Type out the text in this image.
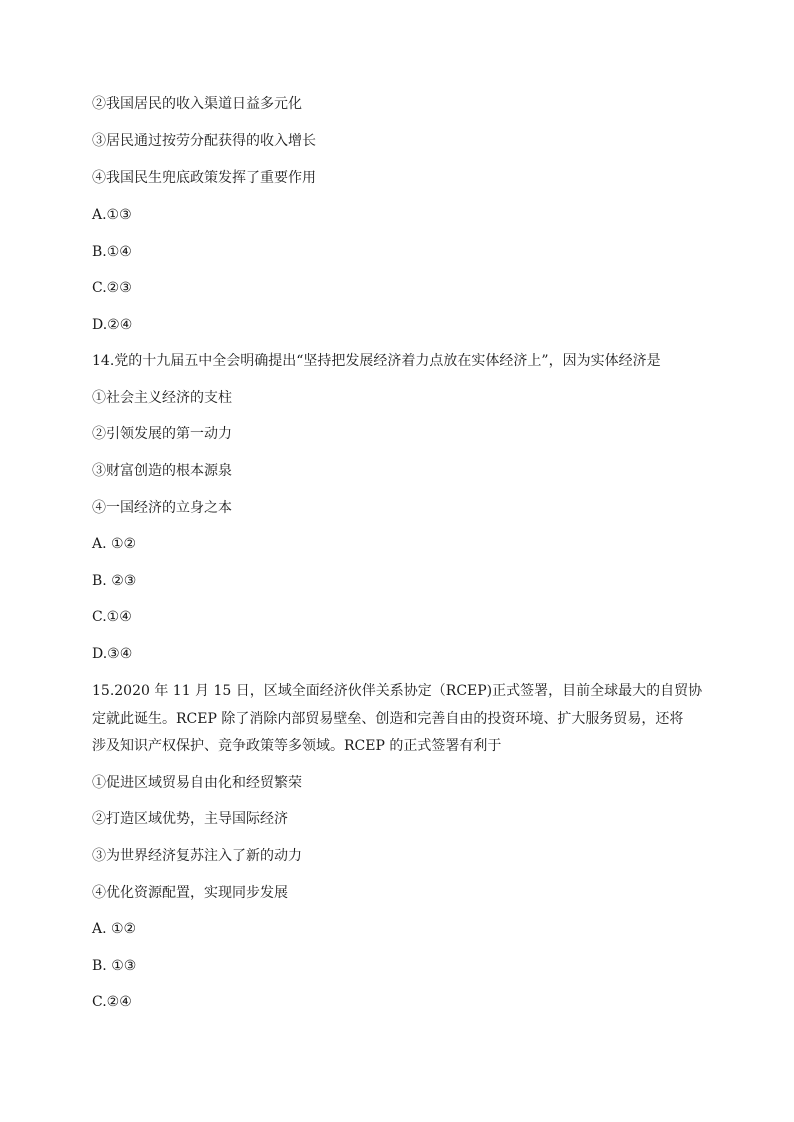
②我国居民的收入渠道日益多元化
③居民通过按劳分配获得的收入增长
④我国民生兜底政策发挥了重要作用
A.①③
B.①④
C.②③
D.②④
14.党的十九届五中全会明确提出“坚持把发展经济着力点放在实体经济上”，因为实体经济是
①社会主义经济的支柱
②引领发展的第一动力
③财富创造的根本源泉
④一国经济的立身之本
A. ①②
B. ②③
C.①④
D.③④
15.2020 年 11 月 15 日，区域全面经济伙伴关系协定（RCEP)正式签署，目前全球最大的自贸协
定就此诞生。RCEP 除了消除内部贸易壁垒、创造和完善自由的投资环境、扩大服务贸易，还将
涉及知识产权保护、竞争政策等多领域。RCEP 的正式签署有利于
①促进区域贸易自由化和经贸繁荣
②打造区域优势，主导国际经济
③为世界经济复苏注入了新的动力
④优化资源配置，实现同步发展
A. ①②
B. ①③
C.②④
